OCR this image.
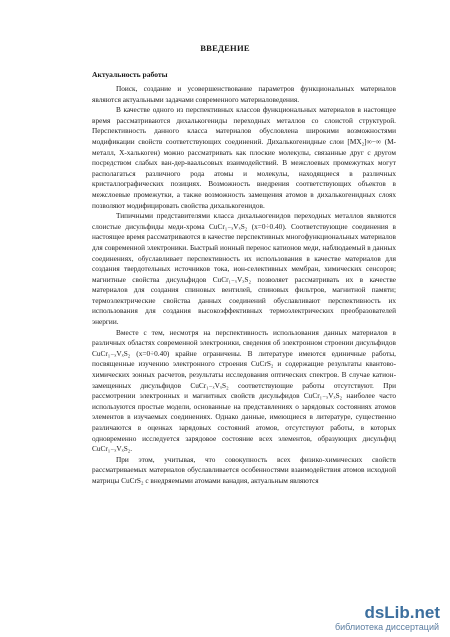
ВВЕДЕНИЕ
Актуальность работы

Поиск, создание и усовершенствование параметров функциональных материалов являются актуальными задачами современного материаловедения.

В качестве одного из перспективных классов функциональных материалов в настоящее время рассматриваются дихалькогениды переходных металлов со слоистой структурой. Перспективность данного класса материалов обусловлена широкими возможностями модификации свойств соответствующих соединений. Дихалькогенидные слои [MX₂]∞−∞ (M-металл, X-халькоген) можно рассматривать как плоские молекулы, связанные друг с другом посредством слабых ван-дер-ваальсовых взаимодействий. В межслоевых промежутках могут располагаться различного рода атомы и молекулы, находящиеся в различных кристаллографических позициях. Возможность внедрения соответствующих объектов в межслоевые промежутки, а также возможность замещения атомов в дихалькогенидных слоях позволяют модифицировать свойства дихалькогенидов.

Типичными представителями класса дихалькогенидов переходных металлов являются слоистые дисульфиды меди-хрома CuCr₁₋ₓVₓS₂ (x=0÷0.40). Соответствующие соединения в настоящее время рассматриваются в качестве перспективных многофункциональных материалов для современной электроники. Быстрый ионный перенос катионов меди, наблюдаемый в данных соединениях, обуславливает перспективность их использования в качестве материалов для создания твердотельных источников тока, ион-селективных мембран, химических сенсоров; магнитные свойства дисульфидов CuCr₁₋ₓVₓS₂ позволяет рассматривать их в качестве материалов для создания спиновых вентилей, спиновых фильтров, магнитной памяти; термоэлектрические свойства данных соединений обуславливают перспективность их использования для создания высокоэффективных термоэлектрических преобразователей энергии.

Вместе с тем, несмотря на перспективность использования данных материалов в различных областях современной электроники, сведения об электронном строении дисульфидов CuCr₁₋ₓVₓS₂ (x=0÷0.40) крайне ограничены. В литературе имеются единичные работы, посвященные изучению электронного строения CuCrS₂ и содержащие результаты квантово-химических зонных расчетов, результаты исследования оптических спектров. В случае катион-замещенных дисульфидов CuCr₁₋ₓVₓS₂ соответствующие работы отсутствуют. При рассмотрении электронных и магнитных свойств дисульфидов CuCr₁₋ₓVₓS₂ наиболее часто используются простые модели, основанные на представлениях о зарядовых состояниях атомов элементов в изучаемых соединениях. Однако данные, имеющиеся в литературе, существенно различаются в оценках зарядовых состояний атомов, отсутствуют работы, в которых одновременно исследуется зарядовое состояние всех элементов, образующих дисульфид CuCr₁₋ₓVₓS₂.

При этом, учитывая, что совокупность всех физико-химических свойств рассматриваемых материалов обуславливается особенностями взаимодействия атомов исходной матрицы CuCrS₂ с внедряемыми атомами ванадия, актуальным являются

dsLib.net
библиотека диссертаций
